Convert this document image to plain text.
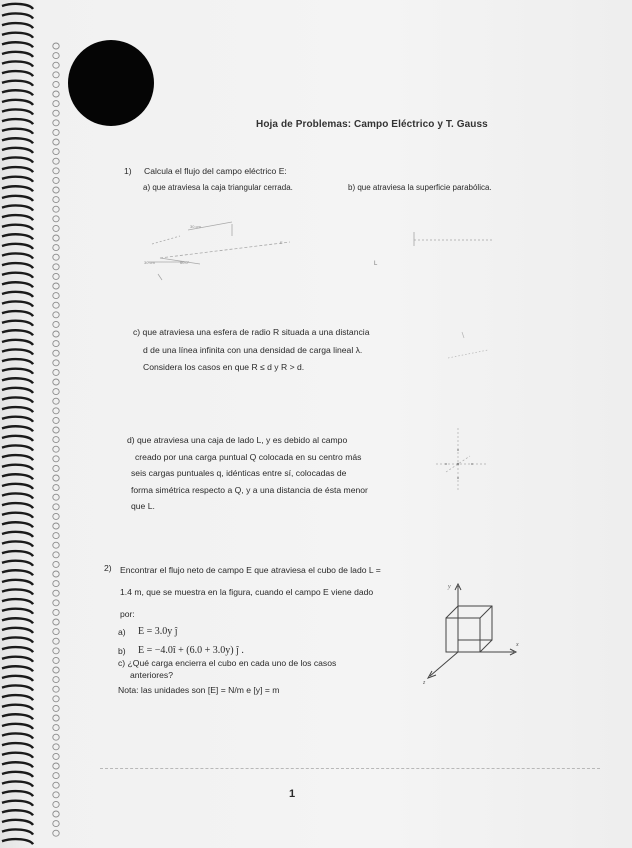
Hoja de Problemas: Campo Eléctrico y T. Gauss
1) Calcula el flujo del campo eléctrico E:
a) que atraviesa la caja triangular cerrada.	b) que atraviesa la superficie parabólica.
30 cm
30 cm	60.0°
E
L
c) que atraviesa una esfera de radio R situada a una distancia
d de una línea infinita con una densidad de carga lineal λ.
Considera los casos en que R ≤ d y R > d.
d) que atraviesa una caja de lado L, y es debido al campo
creado por una carga puntual Q colocada en su centro más
seis cargas puntuales q, idénticas entre sí, colocadas de
forma simétrica respecto a Q, y a una distancia de ésta menor
que L.
2) Encontrar el flujo neto de campo E que atraviesa el cubo de lado L =
1.4 m, que se muestra en la figura, cuando el campo E viene dado
por:
a) E = 3.0y ĵ
b) E = −4.0î + (6.0 + 3.0y) ĵ .
c) ¿Qué carga encierra el cubo en cada uno de los casos
anteriores?
Nota: las unidades son [E] = N/m e [y] = m
y
x
z
1
